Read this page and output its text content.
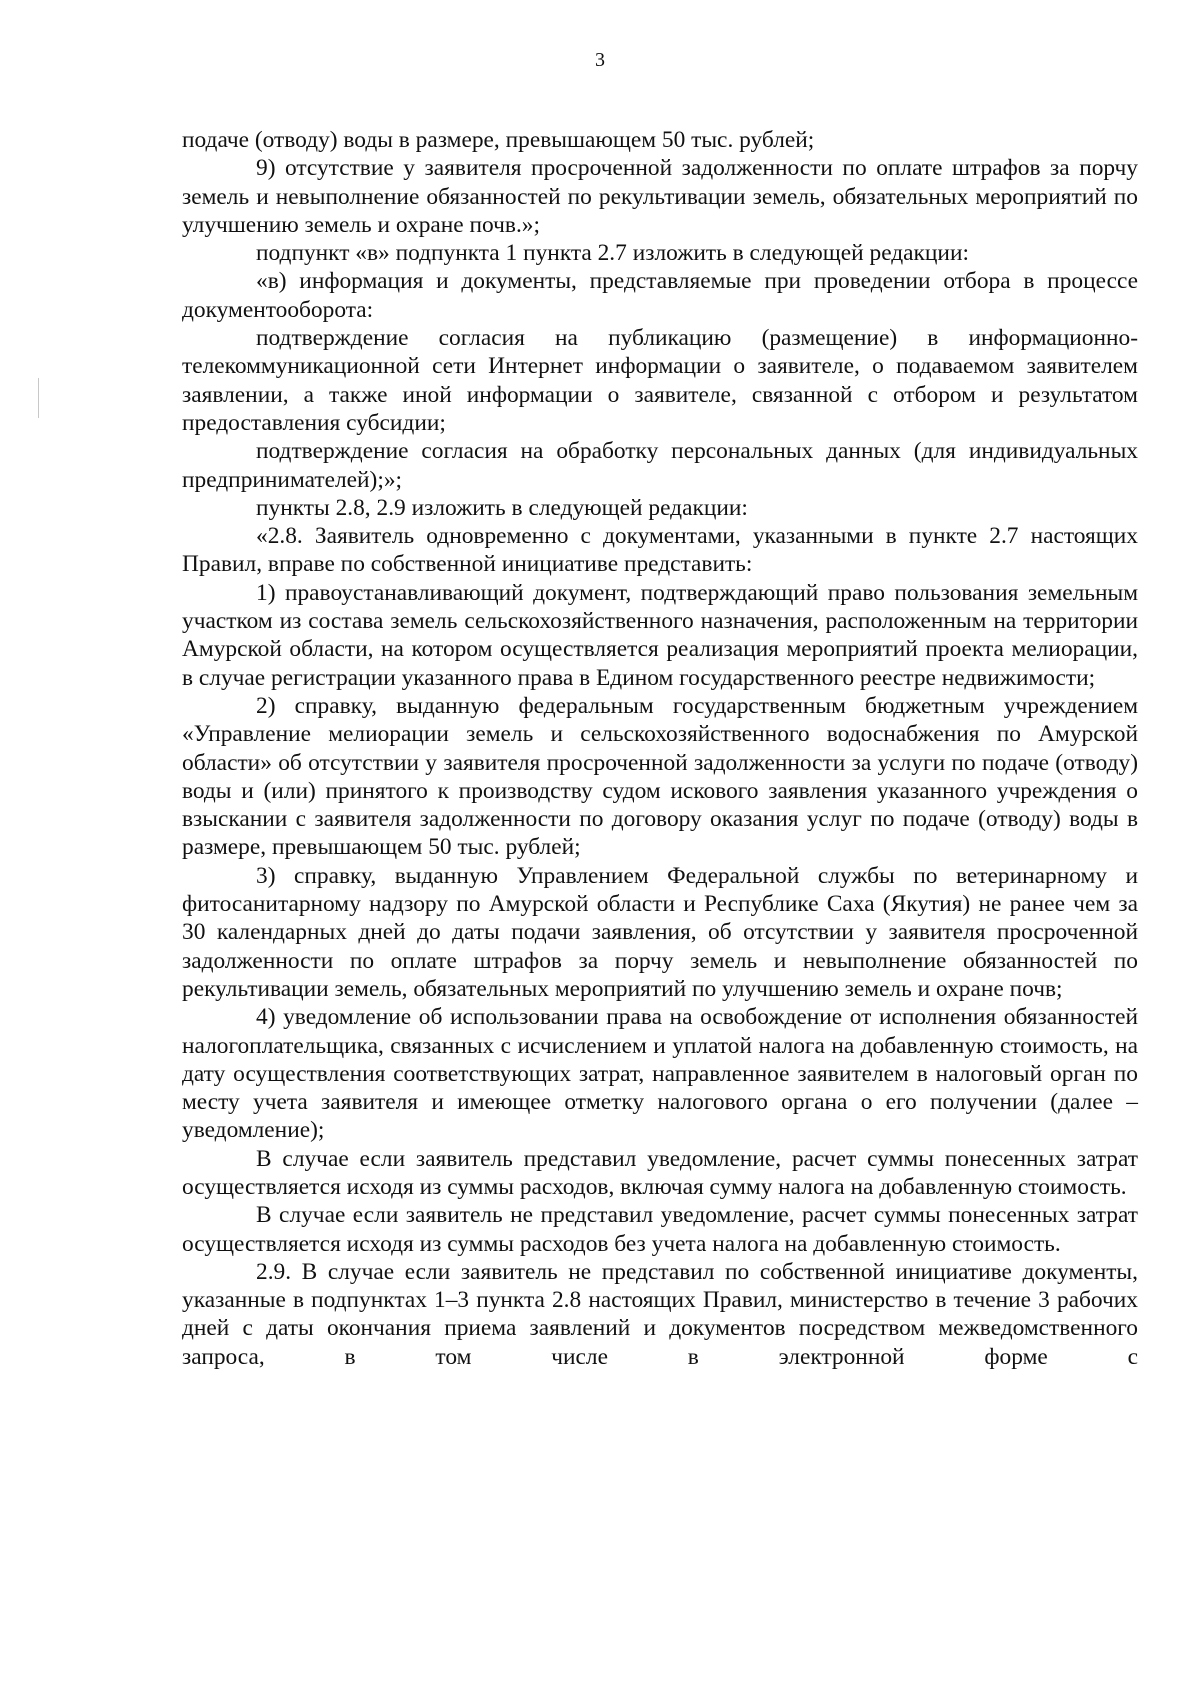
3

подаче (отводу) воды в размере, превышающем 50 тыс. рублей;

9) отсутствие у заявителя просроченной задолженности по оплате штрафов за порчу земель и невыполнение обязанностей по рекультивации земель, обязательных мероприятий по улучшению земель и охране почв.»;

подпункт «в» подпункта 1 пункта 2.7 изложить в следующей редакции:

«в) информация и документы, представляемые при проведении отбора в процессе документооборота:

подтверждение согласия на публикацию (размещение) в информационно-телекоммуникационной сети Интернет информации о заявителе, о подаваемом заявителем заявлении, а также иной информации о заявителе, связанной с отбором и результатом предоставления субсидии;

подтверждение согласия на обработку персональных данных (для индивидуальных предпринимателей);»;

пункты 2.8, 2.9 изложить в следующей редакции:

«2.8. Заявитель одновременно с документами, указанными в пункте 2.7 настоящих Правил, вправе по собственной инициативе представить:

1) правоустанавливающий документ, подтверждающий право пользования земельным участком из состава земель сельскохозяйственного назначения, расположенным на территории Амурской области, на котором осуществляется реализация мероприятий проекта мелиорации, в случае регистрации указанного права в Едином государственного реестре недвижимости;

2) справку, выданную федеральным государственным бюджетным учреждением «Управление мелиорации земель и сельскохозяйственного водоснабжения по Амурской области» об отсутствии у заявителя просроченной задолженности за услуги по подаче (отводу) воды и (или) принятого к производству судом искового заявления указанного учреждения о взыскании с заявителя задолженности по договору оказания услуг по подаче (отводу) воды в размере, превышающем 50 тыс. рублей;

3) справку, выданную Управлением Федеральной службы по ветеринарному и фитосанитарному надзору по Амурской области и Республике Саха (Якутия) не ранее чем за 30 календарных дней до даты подачи заявления, об отсутствии у заявителя просроченной задолженности по оплате штрафов за порчу земель и невыполнение обязанностей по рекультивации земель, обязательных мероприятий по улучшению земель и охране почв;

4) уведомление об использовании права на освобождение от исполнения обязанностей налогоплательщика, связанных с исчислением и уплатой налога на добавленную стоимость, на дату осуществления соответствующих затрат, направленное заявителем в налоговый орган по месту учета заявителя и имеющее отметку налогового органа о его получении (далее – уведомление);

В случае если заявитель представил уведомление, расчет суммы понесенных затрат осуществляется исходя из суммы расходов, включая сумму налога на добавленную стоимость.

В случае если заявитель не представил уведомление, расчет суммы понесенных затрат осуществляется исходя из суммы расходов без учета налога на добавленную стоимость.

2.9. В случае если заявитель не представил по собственной инициативе документы, указанные в подпунктах 1–3 пункта 2.8 настоящих Правил, министерство в течение 3 рабочих дней с даты окончания приема заявлений и документов посредством межведомственного запроса, в том числе в электронной форме с
